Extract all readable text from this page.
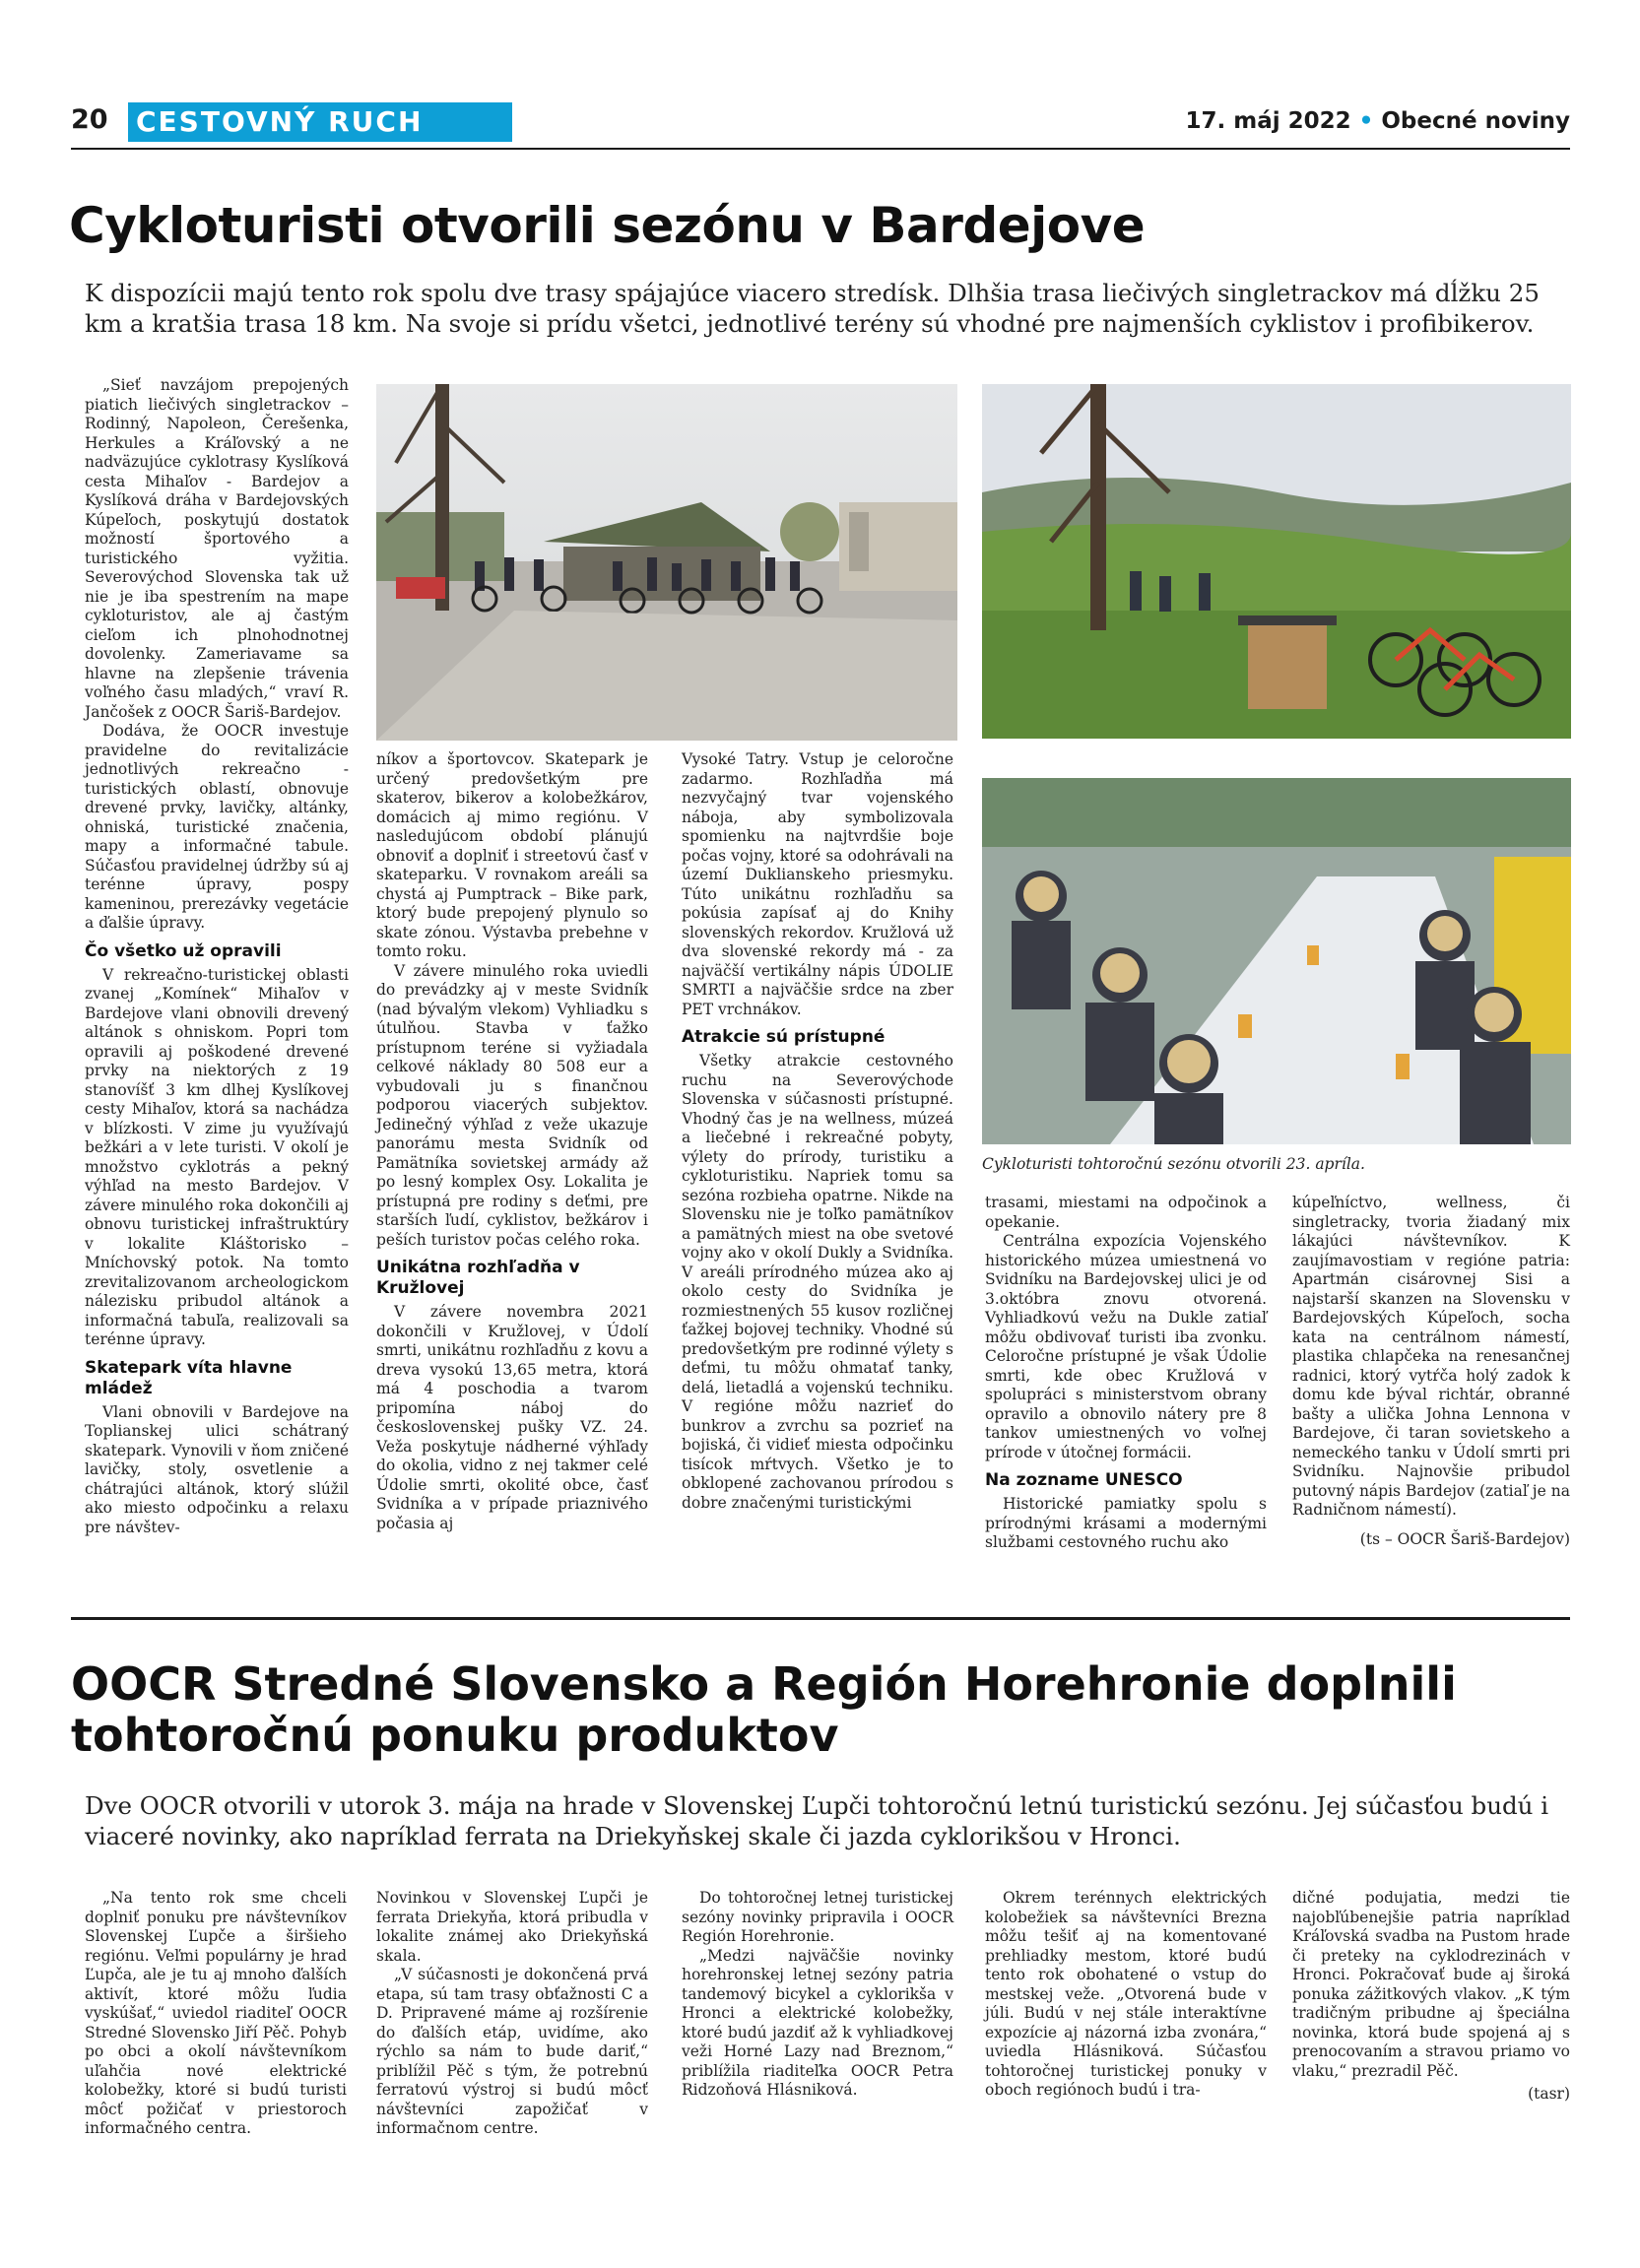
20 CESTOVNÝ RUCH	17. máj 2022 • Obecné noviny
Cykloturisti otvorili sezónu v Bardejove

K dispozícii majú tento rok spolu dve trasy spájajúce viacero stredísk. Dlhšia trasa liečivých singletrackov má dĺžku 25 km a kratšia trasa 18 km. Na svoje si prídu všetci, jednotlivé terény sú vhodné pre najmenších cyklistov i profibikerov.

„Sieť navzájom prepojených piatich liečivých singletrackov – Rodinný, Napoleon, Čerešenka, Herkules a Kráľovský a ne nadväzujúce cyklotrasy Kyslíková cesta Mihaľov - Bardejov a Kyslíková dráha v Bardejovských Kúpeľoch, poskytujú dostatok možností športového a turistického vyžitia. Severovýchod Slovenska tak už nie je iba spestrením na mape cykloturistov, ale aj častým cieľom ich plnohodnotnej dovolenky. Zameriavame sa hlavne na zlepšenie trávenia voľného času mladých,“ vraví R. Jančošek z OOCR Šariš-Bardejov.

Dodáva, že OOCR investuje pravidelne do revitalizácie jednotlivých rekreačno - turistických oblastí, obnovuje drevené prvky, lavičky, altánky, ohniská, turistické značenia, mapy a informačné tabule. Súčasťou pravidelnej údržby sú aj terénne úpravy, pospy kameninou, prerezávky vegetácie a ďalšie úpravy.

Čo všetko už opravili

V rekreačno-turistickej oblasti zvanej „Komínek“ Mihaľov v Bardejove vlani obnovili drevený altánok s ohniskom. Popri tom opravili aj poškodené drevené prvky na niektorých z 19 stanovíšť 3 km dlhej Kyslíkovej cesty Mihaľov, ktorá sa nachádza v blízkosti. V zime ju využívajú bežkári a v lete turisti. V okolí je množstvo cyklotrás a pekný výhľad na mesto Bardejov. V závere minulého roka dokončili aj obnovu turistickej infraštruktúry v lokalite Kláštorisko – Mníchovský potok. Na tomto zrevitalizovanom archeologickom nálezisku pribudol altánok a informačná tabuľa, realizovali sa terénne úpravy.

Skatepark víta hlavne mládež

Vlani obnovili v Bardejove na Toplianskej ulici schátraný skatepark. Vynovili v ňom zničené lavičky, stoly, osvetlenie a chátrajúci altánok, ktorý slúžil ako miesto odpočinku a relaxu pre návštev-

níkov a športovcov. Skatepark je určený predovšetkým pre skaterov, bikerov a kolobežkárov, domácich aj mimo regiónu. V nasledujúcom období plánujú obnoviť a doplniť i streetovú časť v skateparku. V rovnakom areáli sa chystá aj Pumptrack – Bike park, ktorý bude prepojený plynulo so skate zónou. Výstavba prebehne v tomto roku.

V závere minulého roka uviedli do prevádzky aj v meste Svidník (nad bývalým vlekom) Vyhliadku s útulňou. Stavba v ťažko prístupnom teréne si vyžiadala celkové náklady 80 508 eur a vybudovali ju s finančnou podporou viacerých subjektov. Jedinečný výhľad z veže ukazuje panorámu mesta Svidník od Pamätníka sovietskej armády až po lesný komplex Osy. Lokalita je prístupná pre rodiny s deťmi, pre starších ľudí, cyklistov, bežkárov i peších turistov počas celého roka.

Unikátna rozhľadňa v Kružlovej

V závere novembra 2021 dokončili v Kružlovej, v Údolí smrti, unikátnu rozhľadňu z kovu a dreva vysokú 13,65 metra, ktorá má 4 poschodia a tvarom pripomína náboj do československej pušky VZ. 24. Veža poskytuje nádherné výhľady do okolia, vidno z nej takmer celé Údolie smrti, okolité obce, časť Svidníka a v prípade priaznivého počasia aj

Vysoké Tatry. Vstup je celoročne zadarmo. Rozhľadňa má nezvyčajný tvar vojenského náboja, aby symbolizovala spomienku na najtvrdšie boje počas vojny, ktoré sa odohrávali na území Duklianskeho priesmyku. Túto unikátnu rozhľadňu sa pokúsia zapísať aj do Knihy slovenských rekordov. Kružlová už dva slovenské rekordy má - za najväčší vertikálny nápis ÚDOLIE SMRTI a najväčšie srdce na zber PET vrchnákov.

Atrakcie sú prístupné

Všetky atrakcie cestovného ruchu na Severovýchode Slovenska v súčasnosti prístupné. Vhodný čas je na wellness, múzeá a liečebné i rekreačné pobyty, výlety do prírody, turistiku a cykloturistiku. Napriek tomu sa sezóna rozbieha opatrne. Nikde na Slovensku nie je toľko pamätníkov a pamätných miest na obe svetové vojny ako v okolí Dukly a Svidníka. V areáli prírodného múzea ako aj okolo cesty do Svidníka je rozmiestnených 55 kusov rozličnej ťažkej bojovej techniky. Vhodné sú predovšetkým pre rodinné výlety s deťmi, tu môžu ohmatať tanky, delá, lietadlá a vojenskú techniku. V regióne môžu nazrieť do bunkrov a zvrchu sa pozrieť na bojiská, či vidieť miesta odpočinku tisícok mŕtvych. Všetko je to obklopené zachovanou prírodou s dobre značenými turistickými

trasami, miestami na odpočinok a opekanie.

Centrálna expozícia Vojenského historického múzea umiestnená vo Svidníku na Bardejovskej ulici je od 3.októbra znovu otvorená. Vyhliadkovú vežu na Dukle zatiaľ môžu obdivovať turisti iba zvonku. Celoročne prístupné je však Údolie smrti, kde obec Kružlová v spolupráci s ministerstvom obrany opravilo a obnovilo nátery pre 8 tankov umiestnených vo voľnej prírode v útočnej formácii.

Na zozname UNESCO

Historické pamiatky spolu s prírodnými krásami a modernými službami cestovného ruchu ako

kúpeľníctvo, wellness, či singletracky, tvoria žiadaný mix lákajúci návštevníkov. K zaujímavostiam v regióne patria: Apartmán cisárovnej Sisi a najstarší skanzen na Slovensku v Bardejovských Kúpeľoch, socha kata na centrálnom námestí, plastika chlapčeka na renesančnej radnici, ktorý vytŕča holý zadok k domu kde býval richtár, obranné bašty a ulička Johna Lennona v Bardejove, či taran sovietskeho a nemeckého tanku v Údolí smrti pri Svidníku. Najnovšie pribudol putovný nápis Bardejov (zatiaľ je na Radničnom námestí).

(ts – OOCR Šariš-Bardejov)

Cykloturisti tohtoročnú sezónu otvorili 23. apríla.

OOCR Stredné Slovensko a Región Horehronie doplnili tohtoročnú ponuku produktov

Dve OOCR otvorili v utorok 3. mája na hrade v Slovenskej Ľupči tohtoročnú letnú turistickú sezónu. Jej súčasťou budú i viaceré novinky, ako napríklad ferrata na Driekyňskej skale či jazda cyklorikšou v Hronci.

„Na tento rok sme chceli doplniť ponuku pre návštevníkov Slovenskej Ľupče a širšieho regiónu. Veľmi populárny je hrad Ľupča, ale je tu aj mnoho ďalších aktivít, ktoré môžu ľudia vyskúšať,“ uviedol riaditeľ OOCR Stredné Slovensko Jiří Pěč. Pohyb po obci a okolí návštevníkom uľahčia nové elektrické kolobežky, ktoré si budú turisti môcť požičať v priestoroch informačného centra.

Novinkou v Slovenskej Ľupči je ferrata Driekyňa, ktorá pribudla v lokalite známej ako Driekyňská skala.

„V súčasnosti je dokončená prvá etapa, sú tam trasy obťažnosti C a D. Pripravené máme aj rozšírenie do ďalších etáp, uvidíme, ako rýchlo sa nám to bude dariť,“ priblížil Pěč s tým, že potrebnú ferratovú výstroj si budú môcť návštevníci zapožičať v informačnom centre.

Do tohtoročnej letnej turistickej sezóny novinky pripravila i OOCR Región Horehronie.

„Medzi najväčšie novinky horehronskej letnej sezóny patria tandemový bicykel a cyklorikša v Hronci a elektrické kolobežky, ktoré budú jazdiť až k vyhliadkovej veži Horné Lazy nad Breznom,“ priblížila riaditeľka OOCR Petra Ridzoňová Hlásniková.

Okrem terénnych elektrických kolobežiek sa návštevníci Brezna môžu tešiť aj na komentované prehliadky mestom, ktoré budú tento rok obohatené o vstup do mestskej veže. „Otvorená bude v júli. Budú v nej stále interaktívne expozície aj názorná izba zvonára,“ uviedla Hlásniková. Súčasťou tohtoročnej turistickej ponuky v oboch regiónoch budú i tra-

dičné podujatia, medzi tie najobľúbenejšie patria napríklad Kráľovská svadba na Pustom hrade či preteky na cyklodrezinách v Hronci. Pokračovať bude aj široká ponuka zážitkových vlakov. „K tým tradičným pribudne aj špeciálna novinka, ktorá bude spojená aj s prenocovaním a stravou priamo vo vlaku,“ prezradil Pěč.

(tasr)
